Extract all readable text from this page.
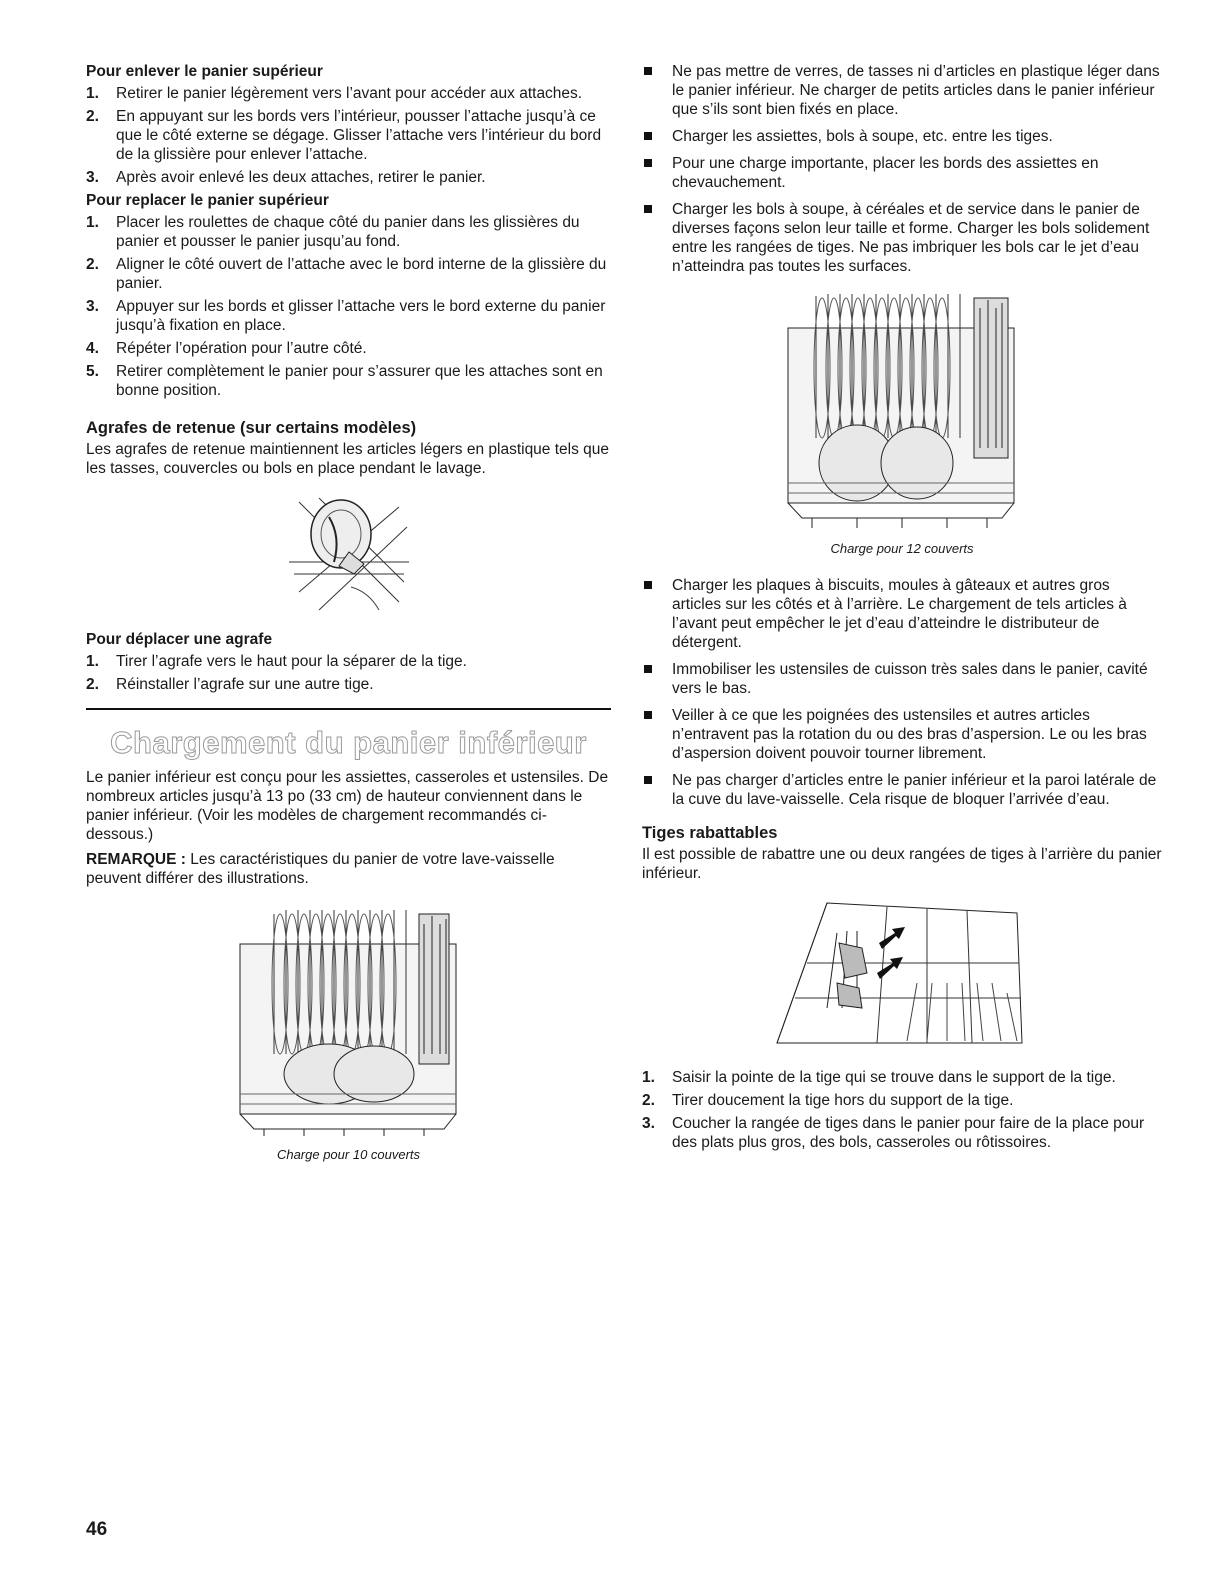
Pour enlever le panier supérieur
1. Retirer le panier légèrement vers l’avant pour accéder aux attaches.
2. En appuyant sur les bords vers l’intérieur, pousser l’attache jusqu’à ce que le côté externe se dégage. Glisser l’attache vers l’intérieur du bord de la glissière pour enlever l’attache.
3. Après avoir enlevé les deux attaches, retirer le panier.
Pour replacer le panier supérieur
1. Placer les roulettes de chaque côté du panier dans les glissières du panier et pousser le panier jusqu’au fond.
2. Aligner le côté ouvert de l’attache avec le bord interne de la glissière du panier.
3. Appuyer sur les bords et glisser l’attache vers le bord externe du panier jusqu’à fixation en place.
4. Répéter l’opération pour l’autre côté.
5. Retirer complètement le panier pour s’assurer que les attaches sont en bonne position.
Agrafes de retenue (sur certains modèles)

Les agrafes de retenue maintiennent les articles légers en plastique tels que les tasses, couvercles ou bols en place pendant le lavage.

Pour déplacer une agrafe
1. Tirer l’agrafe vers le haut pour la séparer de la tige.
2. Réinstaller l’agrafe sur une autre tige.
Chargement du panier inférieur

Le panier inférieur est conçu pour les assiettes, casseroles et ustensiles. De nombreux articles jusqu’à 13 po (33 cm) de hauteur conviennent dans le panier inférieur. (Voir les modèles de chargement recommandés ci-dessous.)

REMARQUE : Les caractéristiques du panier de votre lave-vaisselle peuvent différer des illustrations.

Charge pour 10 couverts
Ne pas mettre de verres, de tasses ni d’articles en plastique léger dans le panier inférieur. Ne charger de petits articles dans le panier inférieur que s’ils sont bien fixés en place.
Charger les assiettes, bols à soupe, etc. entre les tiges.
Pour une charge importante, placer les bords des assiettes en chevauchement.
Charger les bols à soupe, à céréales et de service dans le panier de diverses façons selon leur taille et forme. Charger les bols solidement entre les rangées de tiges. Ne pas imbriquer les bols car le jet d’eau n’atteindra pas toutes les surfaces.
Charge pour 12 couverts
Charger les plaques à biscuits, moules à gâteaux et autres gros articles sur les côtés et à l’arrière. Le chargement de tels articles à l’avant peut empêcher le jet d’eau d’atteindre le distributeur de détergent.
Immobiliser les ustensiles de cuisson très sales dans le panier, cavité vers le bas.
Veiller à ce que les poignées des ustensiles et autres articles n’entravent pas la rotation du ou des bras d’aspersion. Le ou les bras d’aspersion doivent pouvoir tourner librement.
Ne pas charger d’articles entre le panier inférieur et la paroi latérale de la cuve du lave-vaisselle. Cela risque de bloquer l’arrivée d’eau.
Tiges rabattables

Il est possible de rabattre une ou deux rangées de tiges à l’arrière du panier inférieur.

1. Saisir la pointe de la tige qui se trouve dans le support de la tige.
2. Tirer doucement la tige hors du support de la tige.
3. Coucher la rangée de tiges dans le panier pour faire de la place pour des plats plus gros, des bols, casseroles ou rôtissoires.
46
